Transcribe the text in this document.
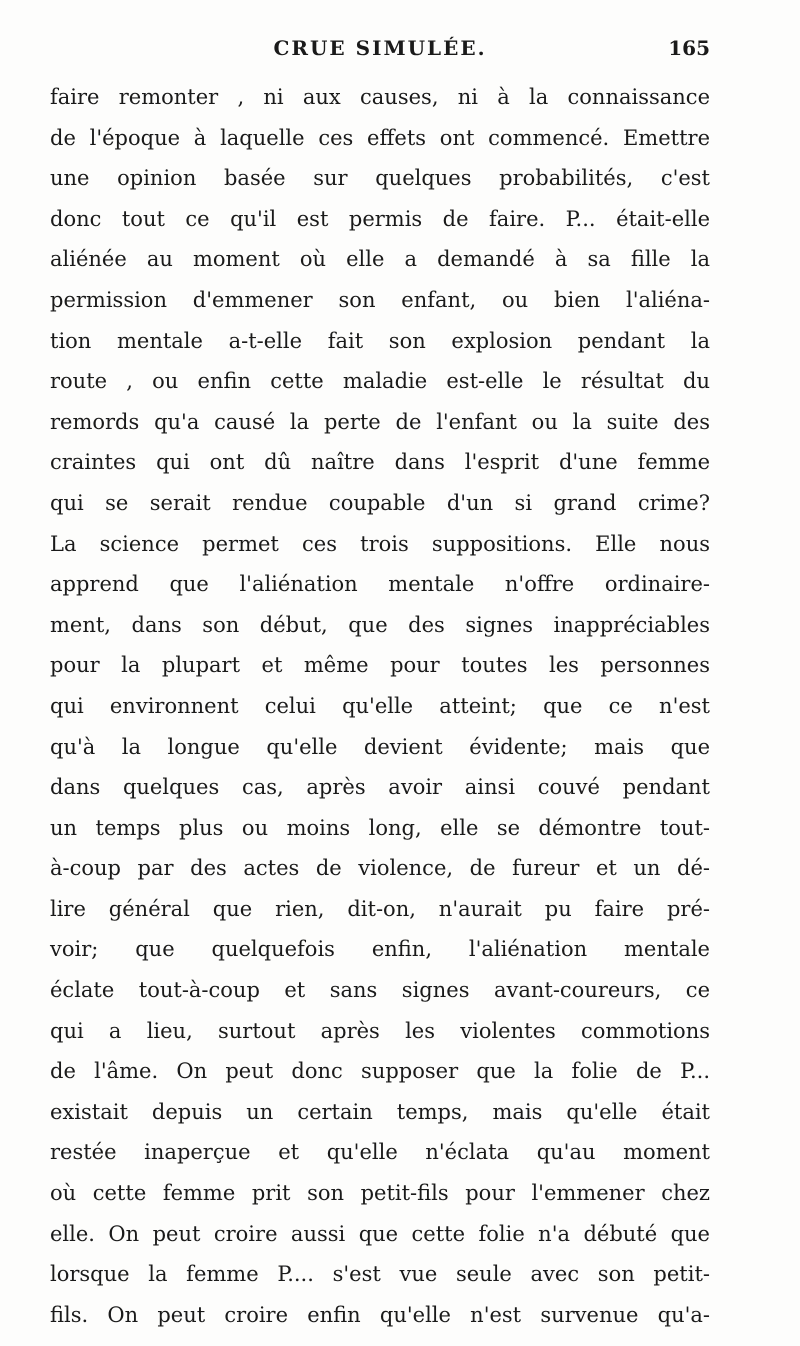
CRUE SIMULÉE.	165
faire remonter , ni aux causes, ni à la connaissance
de l'époque à laquelle ces effets ont commencé. Emettre
une opinion basée sur quelques probabilités, c'est
donc tout ce qu'il est permis de faire. P... était-elle
aliénée au moment où elle a demandé à sa fille la
permission d'emmener son enfant, ou bien l'aliéna-
tion mentale a-t-elle fait son explosion pendant la
route , ou enfin cette maladie est-elle le résultat du
remords qu'a causé la perte de l'enfant ou la suite des
craintes qui ont dû naître dans l'esprit d'une femme
qui se serait rendue coupable d'un si grand crime?
La science permet ces trois suppositions. Elle nous
apprend que l'aliénation mentale n'offre ordinaire-
ment, dans son début, que des signes inappréciables
pour la plupart et même pour toutes les personnes
qui environnent celui qu'elle atteint; que ce n'est
qu'à la longue qu'elle devient évidente; mais que
dans quelques cas, après avoir ainsi couvé pendant
un temps plus ou moins long, elle se démontre tout-
à-coup par des actes de violence, de fureur et un dé-
lire général que rien, dit-on, n'aurait pu faire pré-
voir; que quelquefois enfin, l'aliénation mentale
éclate tout-à-coup et sans signes avant-coureurs, ce
qui a lieu, surtout après les violentes commotions
de l'âme. On peut donc supposer que la folie de P...
existait depuis un certain temps, mais qu'elle était
restée inaperçue et qu'elle n'éclata qu'au moment
où cette femme prit son petit-fils pour l'emmener chez
elle. On peut croire aussi que cette folie n'a débuté que
lorsque la femme P.... s'est vue seule avec son petit-
fils. On peut croire enfin qu'elle n'est survenue qu'a-
